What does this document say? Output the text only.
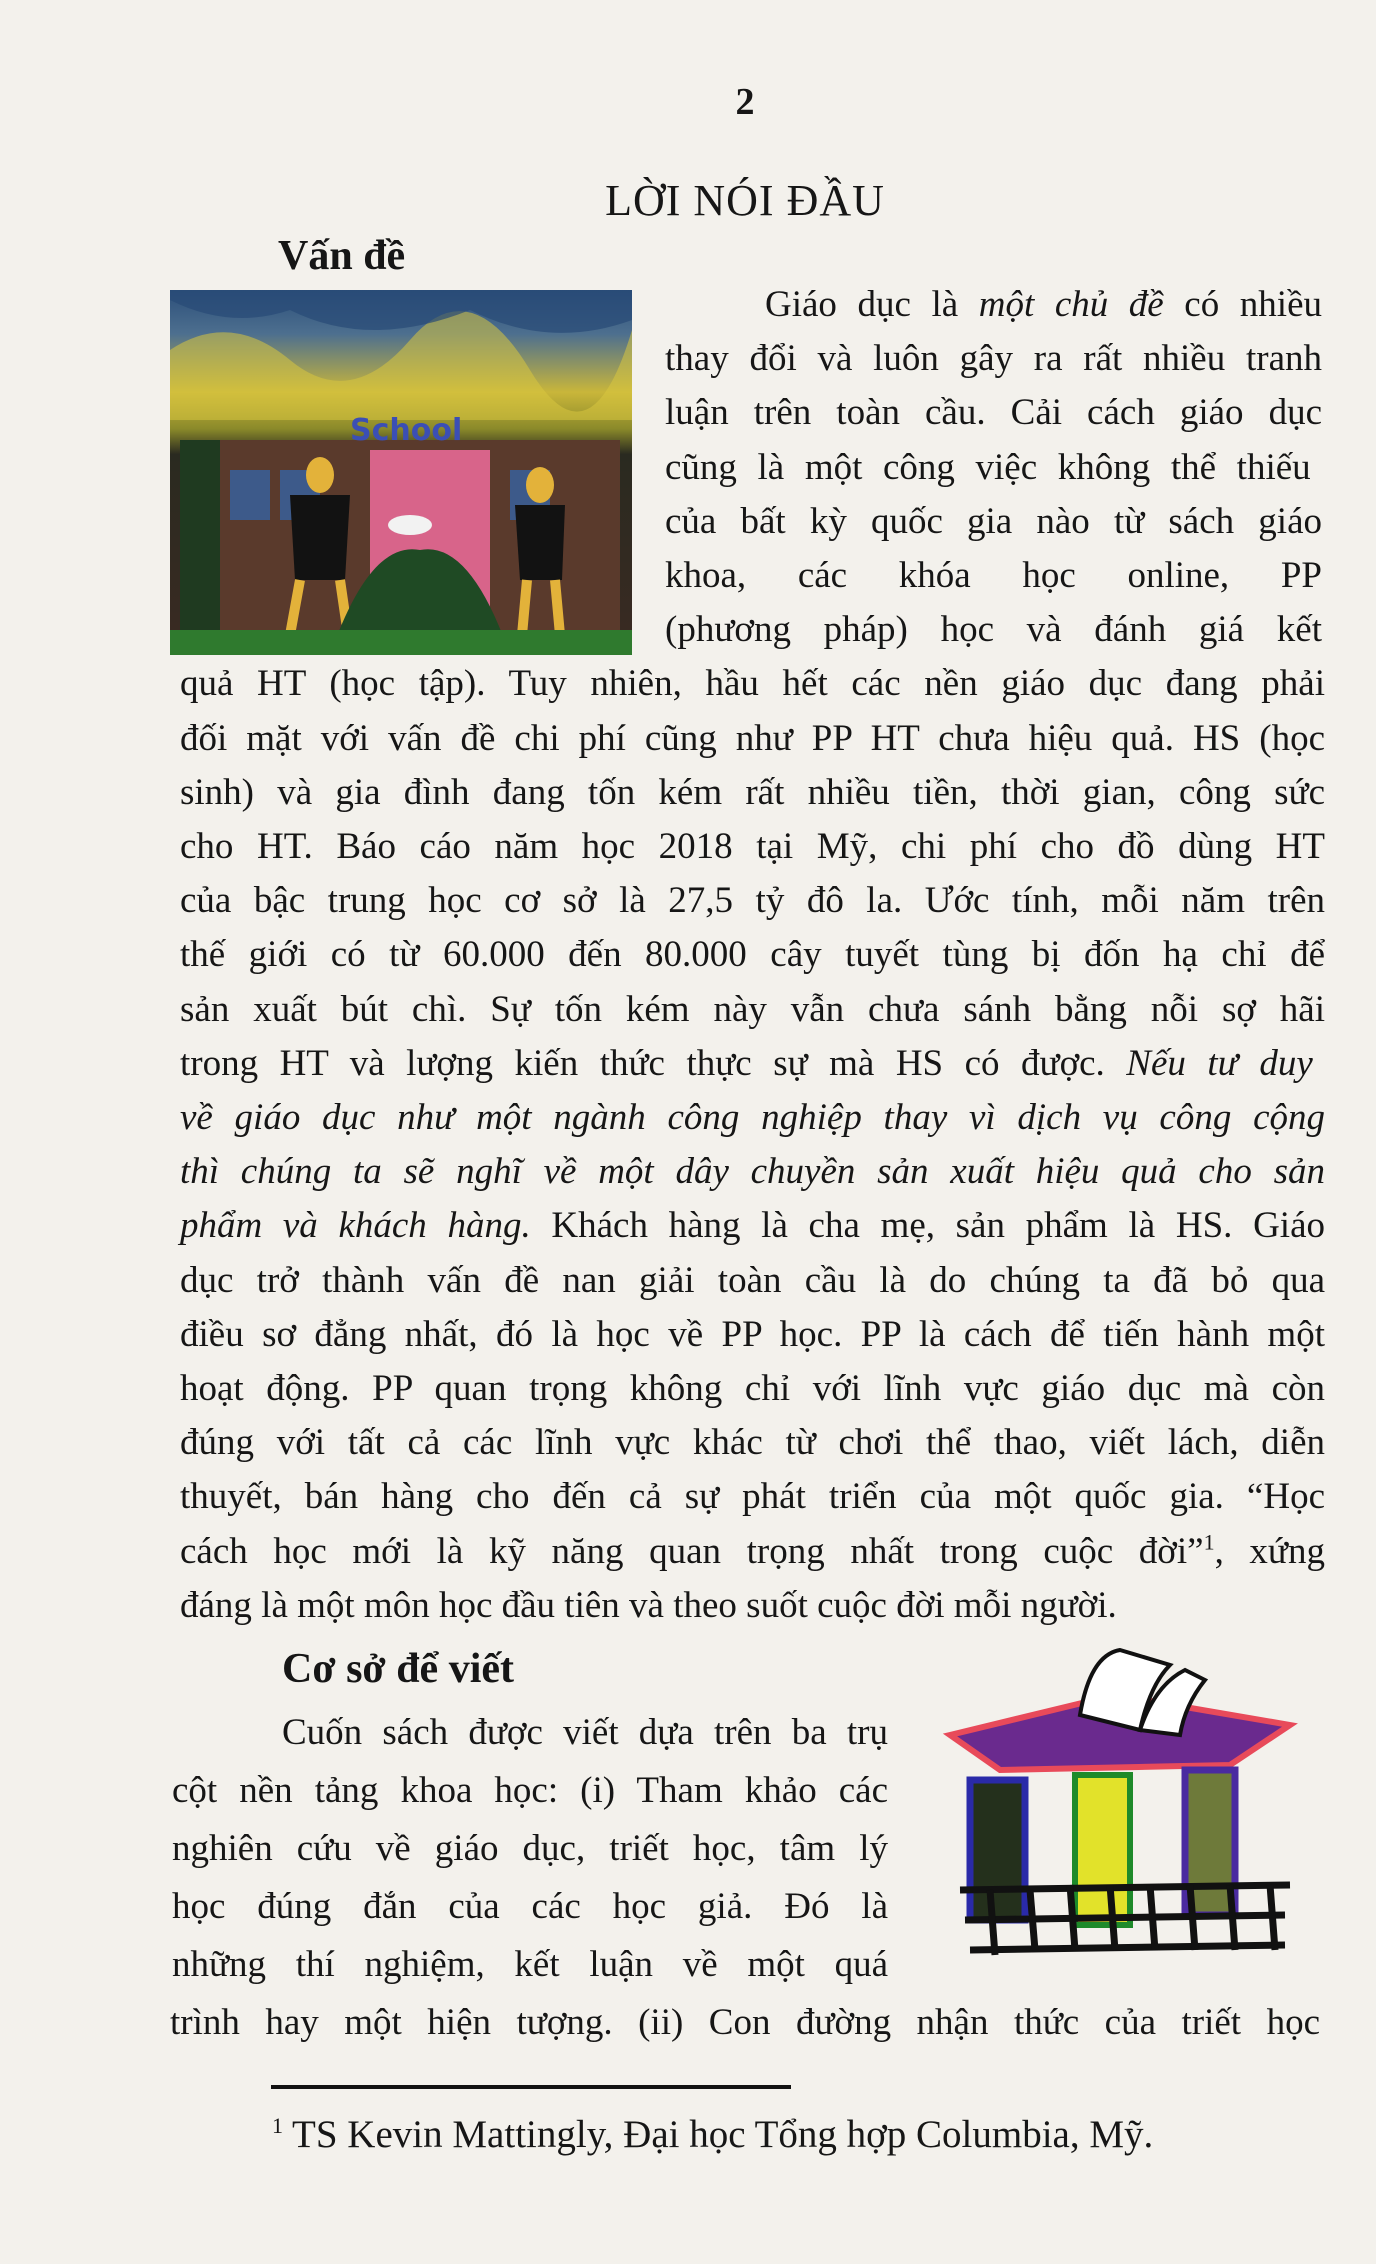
2
LỜI NÓI ĐẦU
Vấn đề
School
Giáo dục là một chủ đề có nhiều
thay đổi và luôn gây ra rất nhiều tranh
luận trên toàn cầu. Cải cách giáo dục
cũng là một công việc không thể thiếu
của bất kỳ quốc gia nào từ sách giáo
khoa, các khóa học online, PP
(phương pháp) học và đánh giá kết
quả HT (học tập). Tuy nhiên, hầu hết các nền giáo dục đang phải
đối mặt với vấn đề chi phí cũng như PP HT chưa hiệu quả. HS (học
sinh) và gia đình đang tốn kém rất nhiều tiền, thời gian, công sức
cho HT. Báo cáo năm học 2018 tại Mỹ, chi phí cho đồ dùng HT
của bậc trung học cơ sở là 27,5 tỷ đô la. Ước tính, mỗi năm trên
thế giới có từ 60.000 đến 80.000 cây tuyết tùng bị đốn hạ chỉ để
sản xuất bút chì. Sự tốn kém này vẫn chưa sánh bằng nỗi sợ hãi
trong HT và lượng kiến thức thực sự mà HS có được. Nếu tư duy
về giáo dục như một ngành công nghiệp thay vì dịch vụ công cộng
thì chúng ta sẽ nghĩ về một dây chuyền sản xuất hiệu quả cho sản
phẩm và khách hàng. Khách hàng là cha mẹ, sản phẩm là HS. Giáo
dục trở thành vấn đề nan giải toàn cầu là do chúng ta đã bỏ qua
điều sơ đẳng nhất, đó là học về PP học. PP là cách để tiến hành một
hoạt động. PP quan trọng không chỉ với lĩnh vực giáo dục mà còn
đúng với tất cả các lĩnh vực khác từ chơi thể thao, viết lách, diễn
thuyết, bán hàng cho đến cả sự phát triển của một quốc gia. “Học
cách học mới là kỹ năng quan trọng nhất trong cuộc đời”$^1$, xứng
đáng là một môn học đầu tiên và theo suốt cuộc đời mỗi người.
Cơ sở để viết
Cuốn sách được viết dựa trên ba trụ
cột nền tảng khoa học: (i) Tham khảo các
nghiên cứu về giáo dục, triết học, tâm lý
học đúng đắn của các học giả. Đó là
những thí nghiệm, kết luận về một quá
trình hay một hiện tượng. (ii) Con đường nhận thức của triết học
$^1$ TS Kevin Mattingly, Đại học Tổng hợp Columbia, Mỹ.
